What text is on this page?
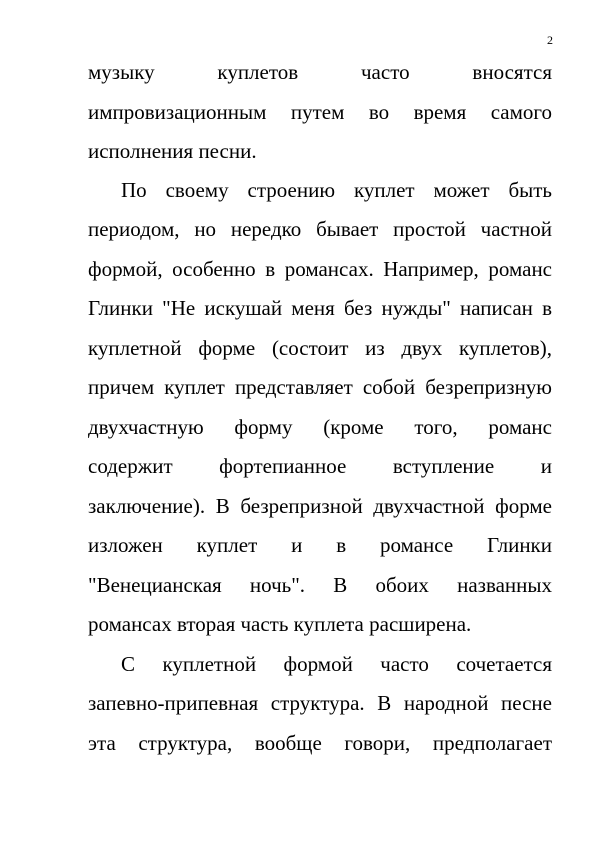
2
музыку куплетов часто вносятся
импровизационным путем во время самого
исполнения песни.
По своему строению куплет может быть
периодом, но нередко бывает простой частной
формой, особенно в романсах. Например, романс
Глинки "Не искушай меня без нужды" написан в
куплетной форме (состоит из двух куплетов),
причем куплет представляет собой безрепризную
двухчастную форму (кроме того, романс
содержит фортепианное вступление и
заключение). В безрепризной двухчастной форме
изложен куплет и в романсе Глинки
"Венецианская ночь". В обоих названных
романсах вторая часть куплета расширена.
С куплетной формой часто сочетается
запевно-припевная структура. В народной песне
эта структура, вообще говори, предполагает
